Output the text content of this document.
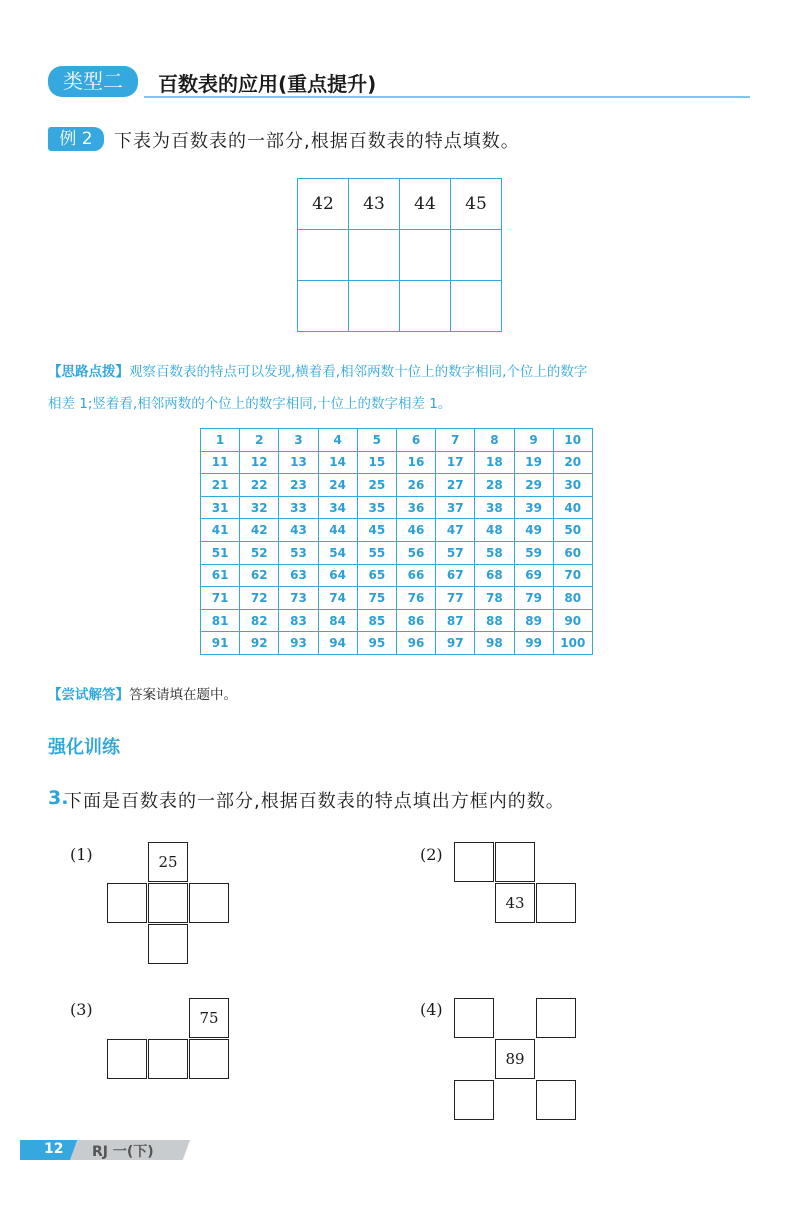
类型二	百数表的应用(重点提升)
例 2	下表为百数表的一部分,根据百数表的特点填数。
42	43	44	45

【思路点拨】观察百数表的特点可以发现,横着看,相邻两数十位上的数字相同,个位上的数字
相差 1;竖着看,相邻两数的个位上的数字相同,十位上的数字相差 1。
1	2	3	4	5	6	7	8	9	10
11	12	13	14	15	16	17	18	19	20
21	22	23	24	25	26	27	28	29	30
31	32	33	34	35	36	37	38	39	40
41	42	43	44	45	46	47	48	49	50
51	52	53	54	55	56	57	58	59	60
61	62	63	64	65	66	67	68	69	70
71	72	73	74	75	76	77	78	79	80
81	82	83	84	85	86	87	88	89	90
91	92	93	94	95	96	97	98	99	100
【尝试解答】答案请填在题中。
强化训练
3.
下面是百数表的一部分,根据百数表的特点填出方框内的数。
(1)	25	(2)
43
(3)	75	(4)
89
12 RJ 一(下)
